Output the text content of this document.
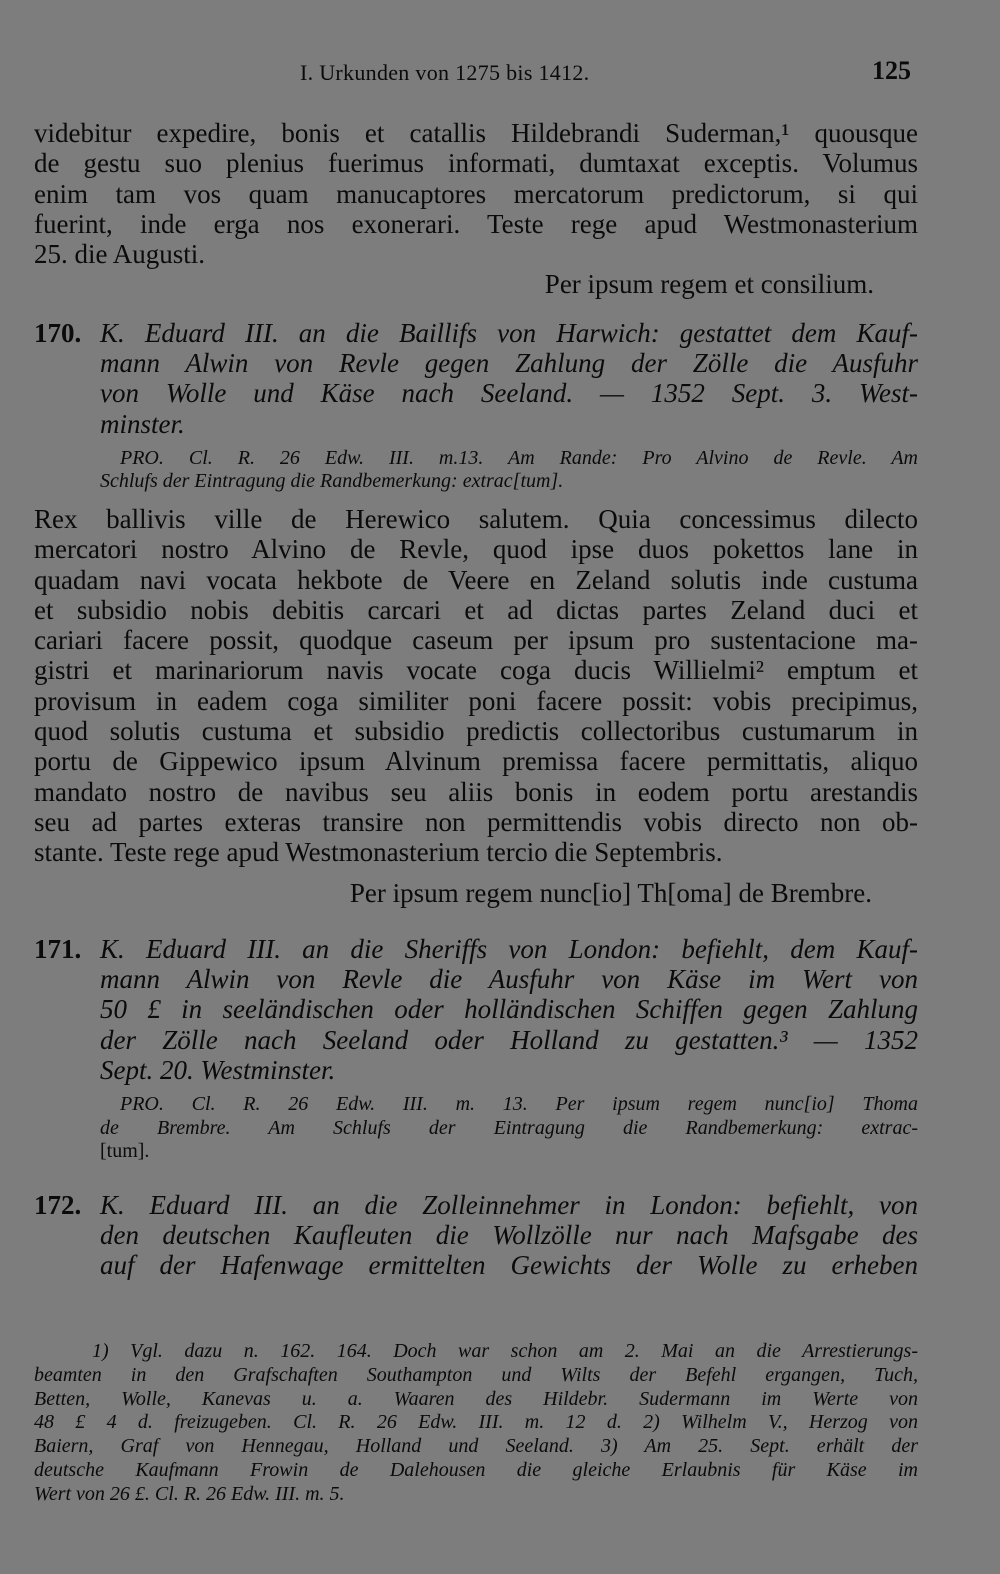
I. Urkunden von 1275 bis 1412.	125
videbitur expedire, bonis et catallis Hildebrandi Suderman,¹ quousque
de gestu suo plenius fuerimus informati, dumtaxat exceptis. Volumus
enim tam vos quam manucaptores mercatorum predictorum, si qui
fuerint, inde erga nos exonerari. Teste rege apud Westmonasterium
25. die Augusti.
Per ipsum regem et consilium.
170. K. Eduard III. an die Baillifs von Harwich: gestattet dem Kauf-
mann Alwin von Revle gegen Zahlung der Zölle die Ausfuhr
von Wolle und Käse nach Seeland. — 1352 Sept. 3. West-
minster.
PRO. Cl. R. 26 Edw. III. m.13. Am Rande: Pro Alvino de Revle. Am
Schlufs der Eintragung die Randbemerkung: extrac[tum].
Rex ballivis ville de Herewico salutem. Quia concessimus dilecto
mercatori nostro Alvino de Revle, quod ipse duos pokettos lane in
quadam navi vocata hekbote de Veere en Zeland solutis inde custuma
et subsidio nobis debitis carcari et ad dictas partes Zeland duci et
cariari facere possit, quodque caseum per ipsum pro sustentacione ma-
gistri et marinariorum navis vocate coga ducis Willielmi² emptum et
provisum in eadem coga similiter poni facere possit: vobis precipimus,
quod solutis custuma et subsidio predictis collectoribus custumarum in
portu de Gippewico ipsum Alvinum premissa facere permittatis, aliquo
mandato nostro de navibus seu aliis bonis in eodem portu arestandis
seu ad partes exteras transire non permittendis vobis directo non ob-
stante. Teste rege apud Westmonasterium tercio die Septembris.
Per ipsum regem nunc[io] Th[oma] de Brembre.
171. K. Eduard III. an die Sheriffs von London: befiehlt, dem Kauf-
mann Alwin von Revle die Ausfuhr von Käse im Wert von
50 £ in seeländischen oder holländischen Schiffen gegen Zahlung
der Zölle nach Seeland oder Holland zu gestatten.³ — 1352
Sept. 20. Westminster.
PRO. Cl. R. 26 Edw. III. m. 13. Per ipsum regem nunc[io] Thoma
de Brembre. Am Schlufs der Eintragung die Randbemerkung: extrac-
[tum].
172. K. Eduard III. an die Zolleinnehmer in London: befiehlt, von
den deutschen Kaufleuten die Wollzölle nur nach Mafsgabe des
auf der Hafenwage ermittelten Gewichts der Wolle zu erheben
1) Vgl. dazu n. 162. 164. Doch war schon am 2. Mai an die Arrestierungs-
beamten in den Grafschaften Southampton und Wilts der Befehl ergangen, Tuch,
Betten, Wolle, Kanevas u. a. Waaren des Hildebr. Sudermann im Werte von
48 £ 4 d. freizugeben. Cl. R. 26 Edw. III. m. 12 d. 2) Wilhelm V., Herzog von
Baiern, Graf von Hennegau, Holland und Seeland. 3) Am 25. Sept. erhält der
deutsche Kaufmann Frowin de Dalehousen die gleiche Erlaubnis für Käse im
Wert von 26 £. Cl. R. 26 Edw. III. m. 5.
